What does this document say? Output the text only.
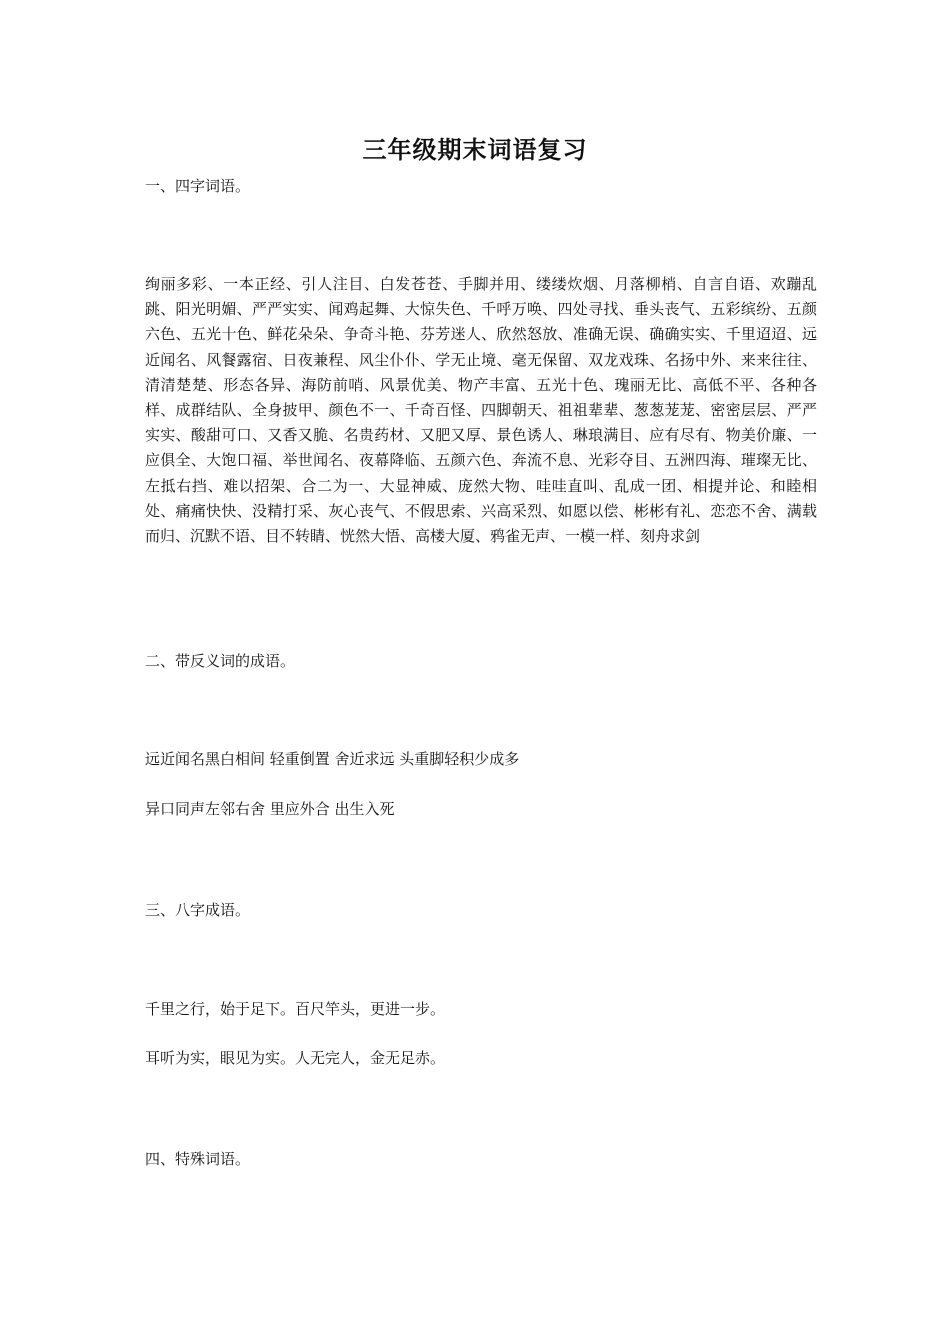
三年级期末词语复习
一、四字词语。
绚丽多彩、一本正经、引人注目、白发苍苍、手脚并用、缕缕炊烟、月落柳梢、自言自语、欢蹦乱跳、阳光明媚、严严实实、闻鸡起舞、大惊失色、千呼万唤、四处寻找、垂头丧气、五彩缤纷、五颜六色、五光十色、鲜花朵朵、争奇斗艳、芬芳迷人、欣然怒放、准确无误、确确实实、千里迢迢、远近闻名、风餐露宿、日夜兼程、风尘仆仆、学无止境、毫无保留、双龙戏珠、名扬中外、来来往往、清清楚楚、形态各异、海防前哨、风景优美、物产丰富、五光十色、瑰丽无比、高低不平、各种各样、成群结队、全身披甲、颜色不一、千奇百怪、四脚朝天、祖祖辈辈、葱葱茏茏、密密层层、严严实实、酸甜可口、又香又脆、名贵药材、又肥又厚、景色诱人、琳琅满目、应有尽有、物美价廉、一应俱全、大饱口福、举世闻名、夜幕降临、五颜六色、奔流不息、光彩夺目、五洲四海、璀璨无比、左抵右挡、难以招架、合二为一、大显神威、庞然大物、哇哇直叫、乱成一团、相提并论、和睦相处、痛痛快快、没精打采、灰心丧气、不假思索、兴高采烈、如愿以偿、彬彬有礼、恋恋不舍、满载而归、沉默不语、目不转睛、恍然大悟、高楼大厦、鸦雀无声、一模一样、刻舟求剑
二、带反义词的成语。
远近闻名黑白相间 轻重倒置 舍近求远 头重脚轻积少成多
异口同声左邻右舍 里应外合 出生入死
三、八字成语。
千里之行，始于足下。百尺竿头，更进一步。
耳听为实，眼见为实。人无完人，金无足赤。
四、特殊词语。
